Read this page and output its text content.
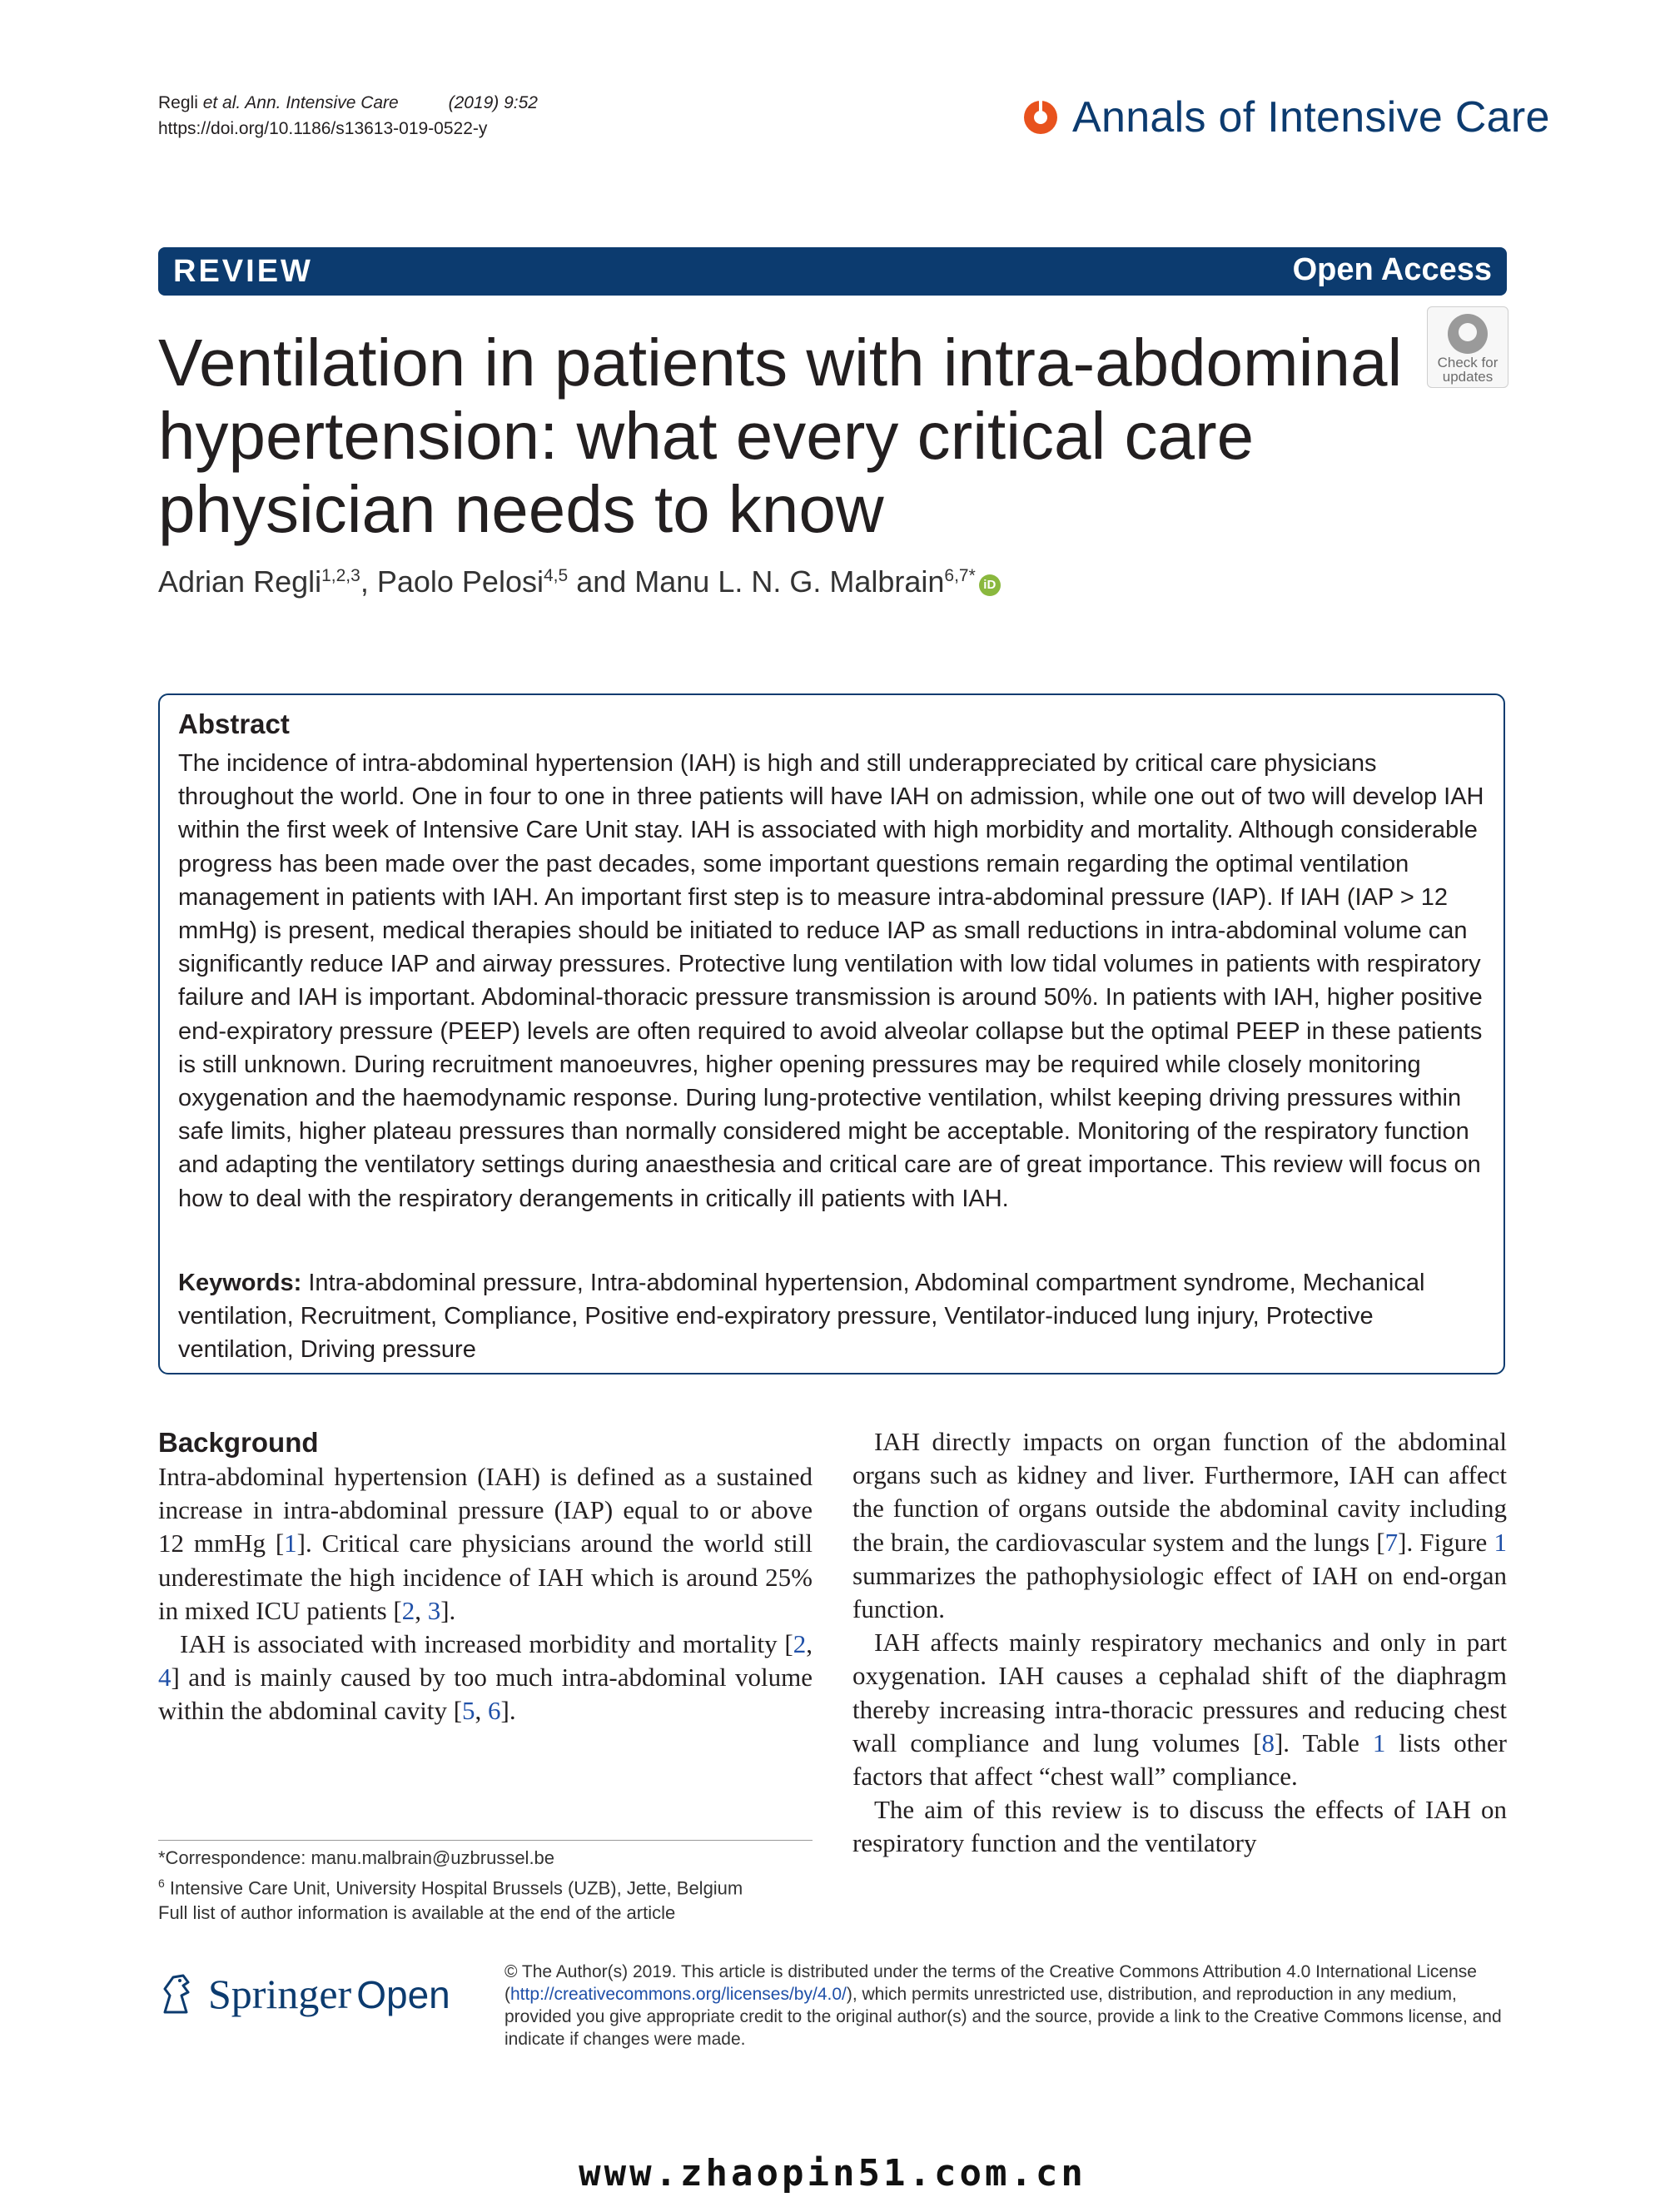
Regli et al. Ann. Intensive Care	(2019) 9:52
https://doi.org/10.1186/s13613-019-0522-y	Annals of Intensive Care
REVIEW	Open Access
Ventilation in patients with intra-abdominal hypertension: what every critical care physician needs to know
Check for
updates
Adrian Regli$^{1,2,3}$, Paolo Pelosi$^{4,5}$ and Manu L. N. G. Malbrain$^{6,7*}$ iD
Abstract
The incidence of intra-abdominal hypertension (IAH) is high and still underappreciated by critical care physicians throughout the world. One in four to one in three patients will have IAH on admission, while one out of two will develop IAH within the first week of Intensive Care Unit stay. IAH is associated with high morbidity and mortality. Although considerable progress has been made over the past decades, some important questions remain regarding the optimal ventilation management in patients with IAH. An important first step is to measure intra-abdominal pressure (IAP). If IAH (IAP > 12 mmHg) is present, medical therapies should be initiated to reduce IAP as small reductions in intra-abdominal volume can significantly reduce IAP and airway pressures. Protective lung ventilation with low tidal volumes in patients with respiratory failure and IAH is important. Abdominal-thoracic pressure transmission is around 50%. In patients with IAH, higher positive end-expiratory pressure (PEEP) levels are often required to avoid alveolar collapse but the optimal PEEP in these patients is still unknown. During recruitment manoeuvres, higher opening pressures may be required while closely monitoring oxygenation and the haemodynamic response. During lung-protective ventilation, whilst keeping driving pressures within safe limits, higher plateau pressures than normally considered might be acceptable. Monitoring of the respiratory function and adapting the ventilatory settings during anaesthesia and critical care are of great importance. This review will focus on how to deal with the respiratory derangements in critically ill patients with IAH.
Keywords: Intra-abdominal pressure, Intra-abdominal hypertension, Abdominal compartment syndrome, Mechanical ventilation, Recruitment, Compliance, Positive end-expiratory pressure, Ventilator-induced lung injury, Protective ventilation, Driving pressure
Background

Intra-abdominal hypertension (IAH) is defined as a sustained increase in intra-abdominal pressure (IAP) equal to or above 12 mmHg [1]. Critical care physicians around the world still underestimate the high incidence of IAH which is around 25% in mixed ICU patients [2, 3].

IAH is associated with increased morbidity and mortality [2, 4] and is mainly caused by too much intra-abdominal volume within the abdominal cavity [5, 6].

IAH directly impacts on organ function of the abdominal organs such as kidney and liver. Furthermore, IAH can affect the function of organs outside the abdominal cavity including the brain, the cardiovascular system and the lungs [7]. Figure 1 summarizes the pathophysiologic effect of IAH on end-organ function.

IAH affects mainly respiratory mechanics and only in part oxygenation. IAH causes a cephalad shift of the diaphragm thereby increasing intra-thoracic pressures and reducing chest wall compliance and lung volumes [8]. Table 1 lists other factors that affect “chest wall” compliance.

The aim of this review is to discuss the effects of IAH on respiratory function and the ventilatory

*Correspondence: manu.malbrain@uzbrussel.be
$^6$ Intensive Care Unit, University Hospital Brussels (UZB), Jette, Belgium
Full list of author information is available at the end of the article
Springer Open
© The Author(s) 2019. This article is distributed under the terms of the Creative Commons Attribution 4.0 International License (http://creativecommons.org/licenses/by/4.0/), which permits unrestricted use, distribution, and reproduction in any medium, provided you give appropriate credit to the original author(s) and the source, provide a link to the Creative Commons license, and indicate if changes were made.
www.zhaopin51.com.cn
